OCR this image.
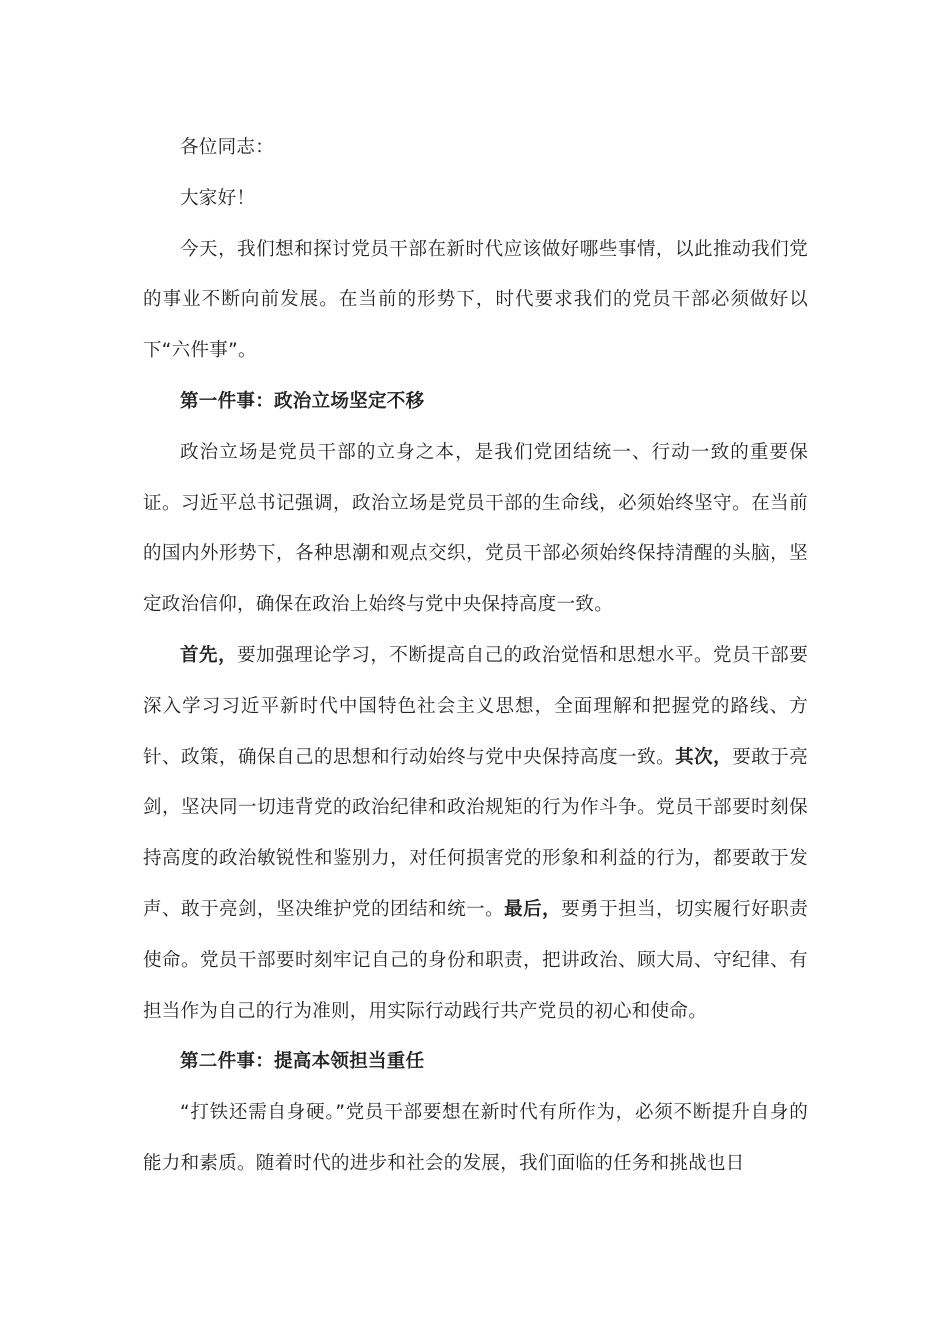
各位同志：

大家好！

今天，我们想和探讨党员干部在新时代应该做好哪些事情，以此推动我们党的事业不断向前发展。在当前的形势下，时代要求我们的党员干部必须做好以下“六件事”。

第一件事：政治立场坚定不移

政治立场是党员干部的立身之本，是我们党团结统一、行动一致的重要保证。习近平总书记强调，政治立场是党员干部的生命线，必须始终坚守。在当前的国内外形势下，各种思潮和观点交织，党员干部必须始终保持清醒的头脑，坚定政治信仰，确保在政治上始终与党中央保持高度一致。

首先，要加强理论学习，不断提高自己的政治觉悟和思想水平。党员干部要深入学习习近平新时代中国特色社会主义思想，全面理解和把握党的路线、方针、政策，确保自己的思想和行动始终与党中央保持高度一致。其次，要敢于亮剑，坚决同一切违背党的政治纪律和政治规矩的行为作斗争。党员干部要时刻保持高度的政治敏锐性和鉴别力，对任何损害党的形象和利益的行为，都要敢于发声、敢于亮剑，坚决维护党的团结和统一。最后，要勇于担当，切实履行好职责使命。党员干部要时刻牢记自己的身份和职责，把讲政治、顾大局、守纪律、有担当作为自己的行为准则，用实际行动践行共产党员的初心和使命。

第二件事：提高本领担当重任

“打铁还需自身硬。”党员干部要想在新时代有所作为，必须不断提升自身的能力和素质。随着时代的进步和社会的发展，我们面临的任务和挑战也日
